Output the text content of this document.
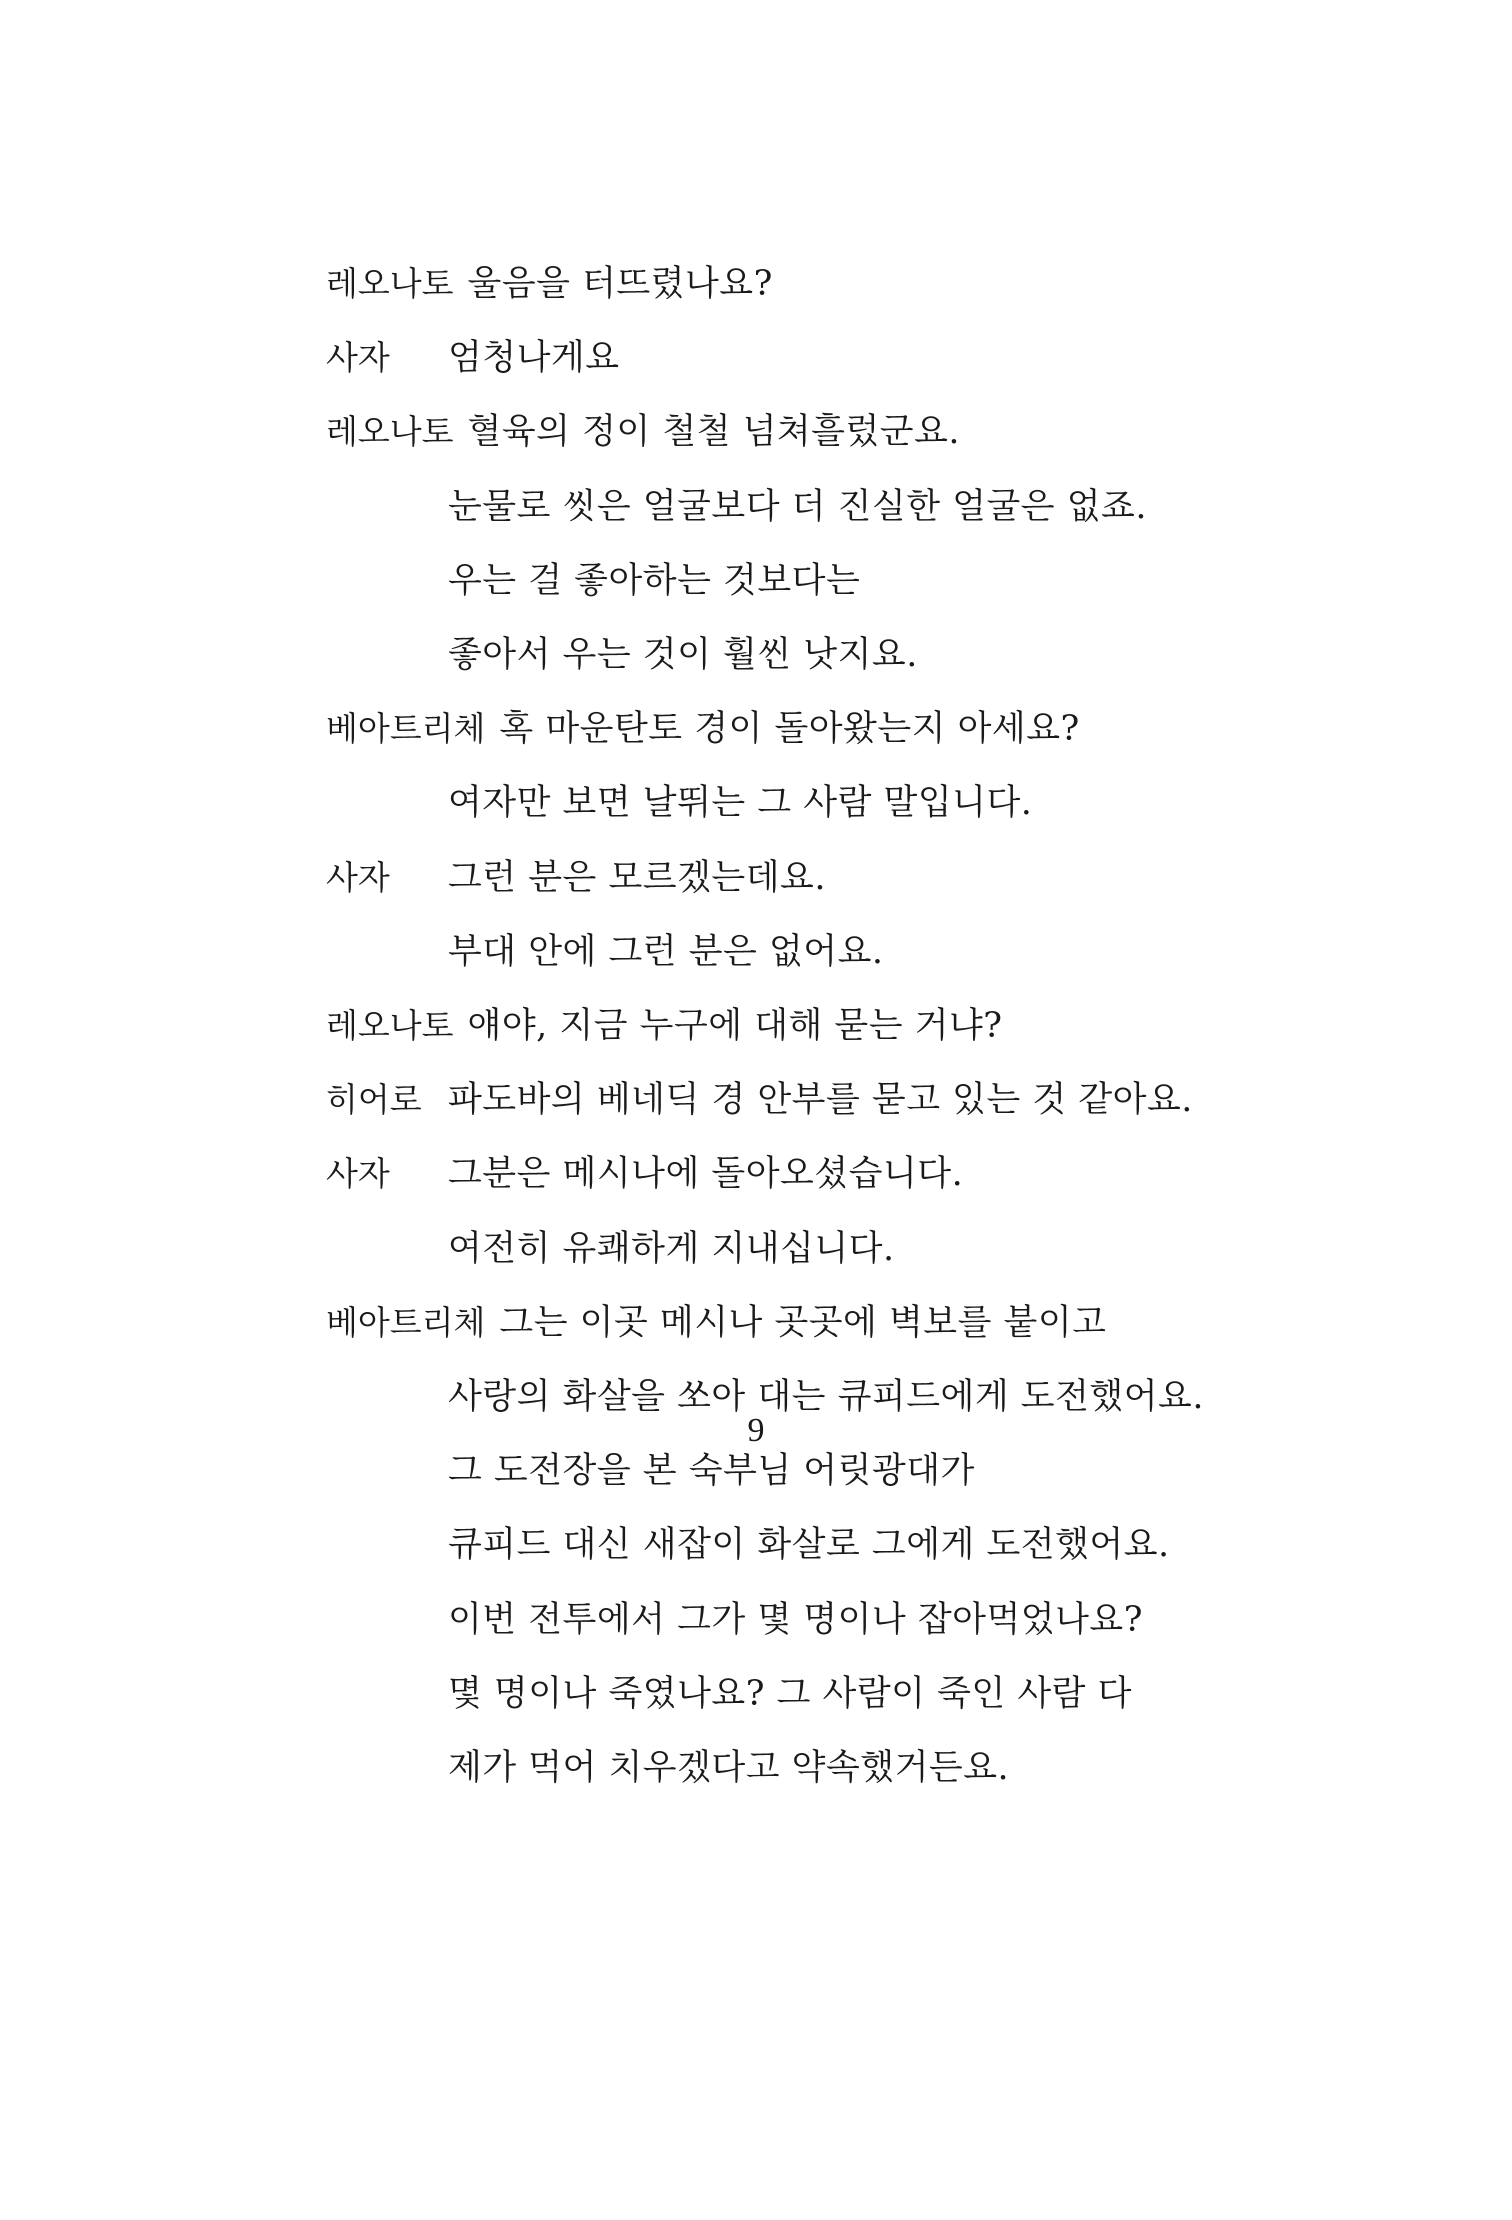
레오나토 울음을 터뜨렸나요?
사자	엄청나게요
레오나토 혈육의 정이 철철 넘쳐흘렀군요.
눈물로 씻은 얼굴보다 더 진실한 얼굴은 없죠.
우는 걸 좋아하는 것보다는
좋아서 우는 것이 훨씬 낫지요.
베아트리체 혹 마운탄토 경이 돌아왔는지 아세요?
여자만 보면 날뛰는 그 사람 말입니다.
사자	그런 분은 모르겠는데요.
부대 안에 그런 분은 없어요.
레오나토 얘야, 지금 누구에 대해 묻는 거냐?
히어로 파도바의 베네딕 경 안부를 묻고 있는 것 같아요.
사자	그분은 메시나에 돌아오셨습니다.
여전히 유쾌하게 지내십니다.
베아트리체 그는 이곳 메시나 곳곳에 벽보를 붙이고
사랑의 화살을 쏘아 대는 큐피드에게 도전했어요.
그 도전장을 본 숙부님 어릿광대가
큐피드 대신 새잡이 화살로 그에게 도전했어요.
이번 전투에서 그가 몇 명이나 잡아먹었나요?
몇 명이나 죽였나요? 그 사람이 죽인 사람 다
제가 먹어 치우겠다고 약속했거든요.
9
